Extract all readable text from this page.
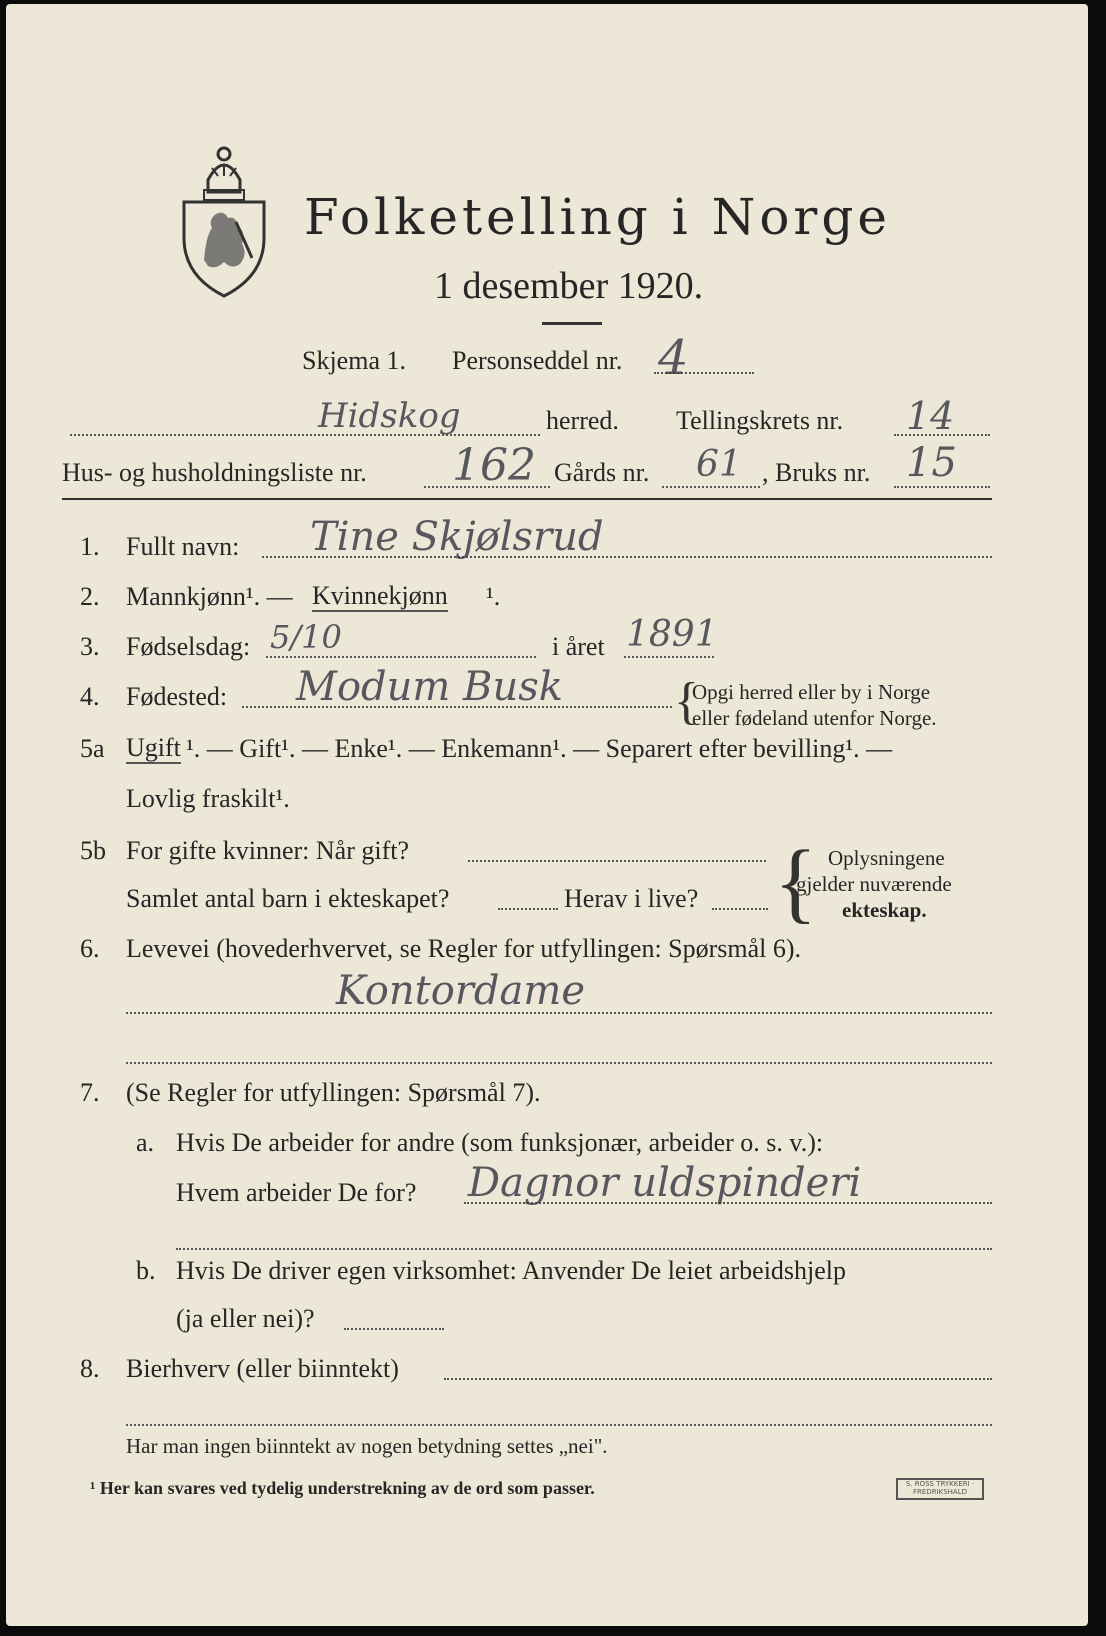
Folketelling i Norge
1 desember 1920.
Skjema 1. Personseddel nr. 4
Hidskog	herred. Tellingskrets nr. 14
Hus- og husholdningsliste nr. 162 Gårds nr. 61 , Bruks nr. 15
1. Fullt navn: Tine Skjølsrud
2. Mannkjønn¹. — Kvinnekjønn ¹.
3. Fødselsdag: 5/10	i året 1891
4. Fødested: Modum Busk {
Opgi herred eller by i Norge
eller fødeland utenfor Norge.
5a Ugift ¹. — Gift¹. — Enke¹. — Enkemann¹. — Separert efter bevilling¹. —
Lovlig fraskilt¹.
5b For gifte kvinner: Når gift?
Samlet antal barn i ekteskapet?	Herav i live? { Oplysningene
gjelder nuværende
ekteskap.
6. Levevei (hovederhvervet, se Regler for utfyllingen: Spørsmål 6).
Kontordame
7. (Se Regler for utfyllingen: Spørsmål 7).
a. Hvis De arbeider for andre (som funksjonær, arbeider o. s. v.):
Hvem arbeider De for? Dagnor uldspinderi
b. Hvis De driver egen virksomhet: Anvender De leiet arbeidshjelp
(ja eller nei)?
8. Bierhverv (eller biinntekt)
Har man ingen biinntekt av nogen betydning settes „nei".
¹ Her kan svares ved tydelig understrekning av de ord som passer.	S. ROSS TRYKKERI · FREDRIKSHALD
